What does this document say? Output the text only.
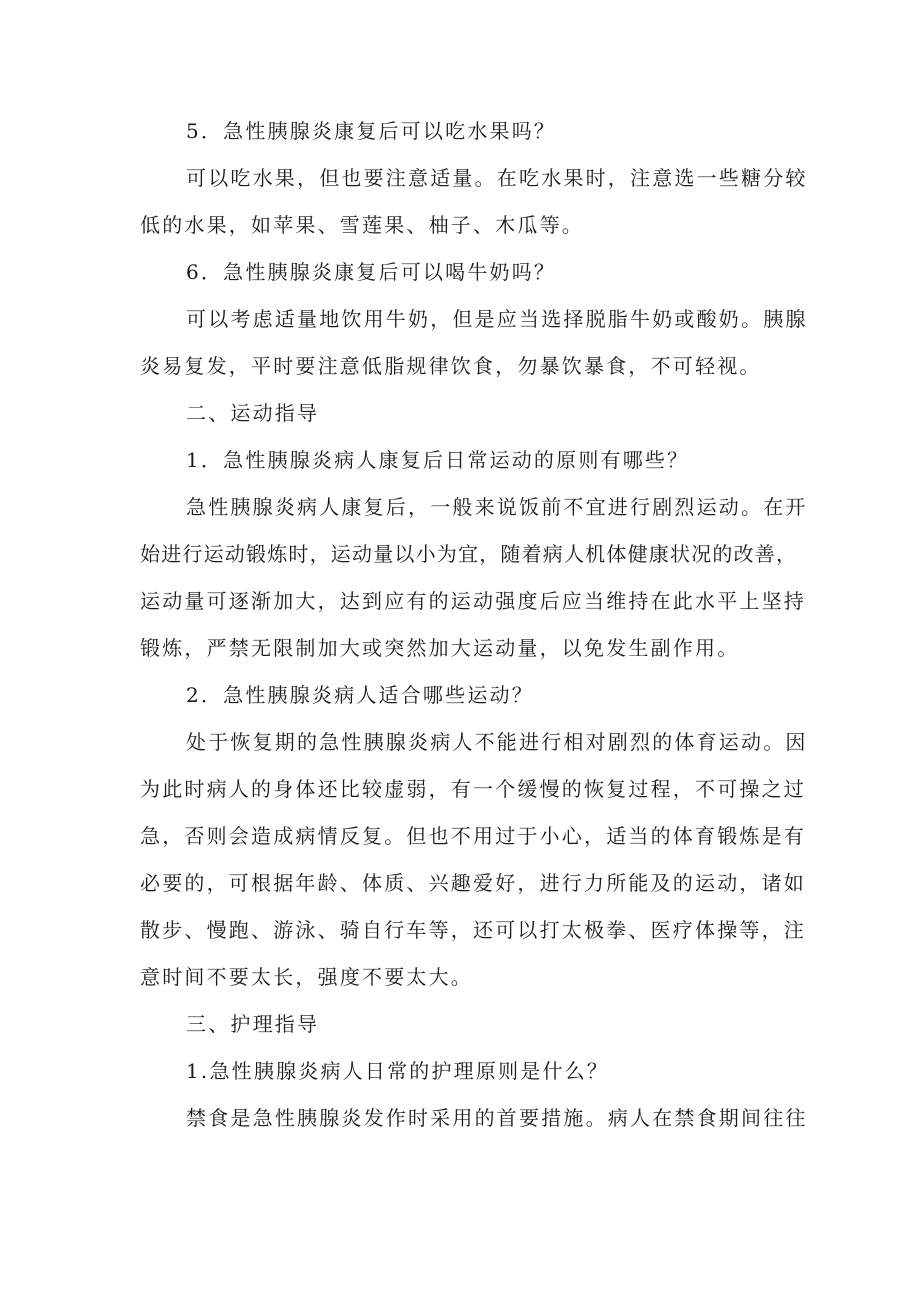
5．急性胰腺炎康复后可以吃水果吗？
可以吃水果，但也要注意适量。在吃水果时，注意选一些糖分较
低的水果，如苹果、雪莲果、柚子、木瓜等。
6．急性胰腺炎康复后可以喝牛奶吗？
可以考虑适量地饮用牛奶，但是应当选择脱脂牛奶或酸奶。胰腺
炎易复发，平时要注意低脂规律饮食，勿暴饮暴食，不可轻视。
二、运动指导
1．急性胰腺炎病人康复后日常运动的原则有哪些？
急性胰腺炎病人康复后，一般来说饭前不宜进行剧烈运动。在开
始进行运动锻炼时，运动量以小为宜，随着病人机体健康状况的改善，
运动量可逐渐加大，达到应有的运动强度后应当维持在此水平上坚持
锻炼，严禁无限制加大或突然加大运动量，以免发生副作用。
2．急性胰腺炎病人适合哪些运动？
处于恢复期的急性胰腺炎病人不能进行相对剧烈的体育运动。因
为此时病人的身体还比较虚弱，有一个缓慢的恢复过程，不可操之过
急，否则会造成病情反复。但也不用过于小心，适当的体育锻炼是有
必要的，可根据年龄、体质、兴趣爱好，进行力所能及的运动，诸如
散步、慢跑、游泳、骑自行车等，还可以打太极拳、医疗体操等，注
意时间不要太长，强度不要太大。
三、护理指导
1.急性胰腺炎病人日常的护理原则是什么？
禁食是急性胰腺炎发作时采用的首要措施。病人在禁食期间往往
